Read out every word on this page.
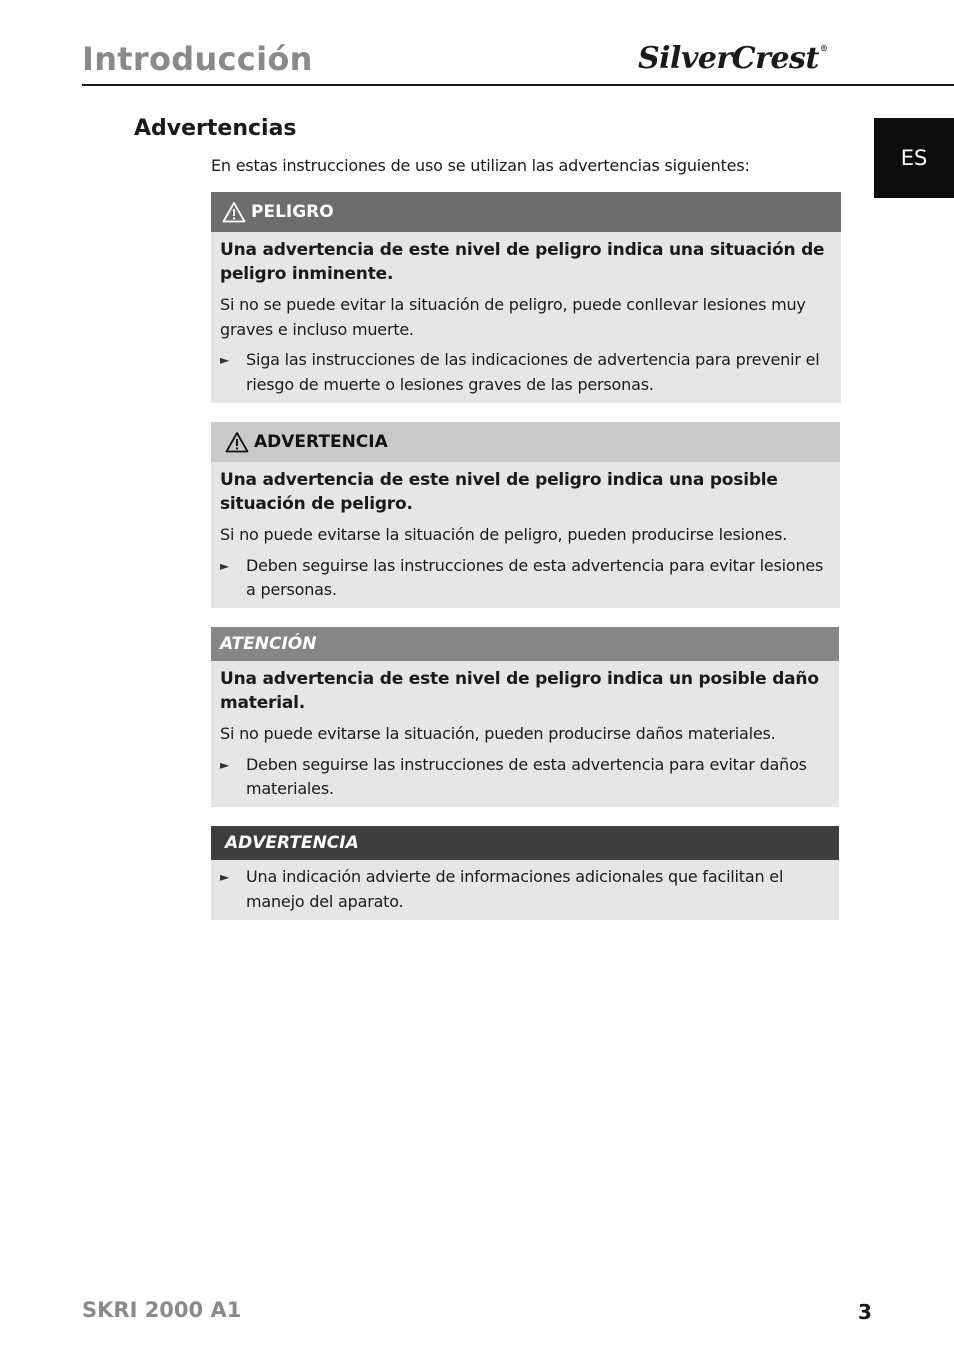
Introducción	SilverCrest®
ES
Advertencias
En estas instrucciones de uso se utilizan las advertencias siguientes:
PELIGRO

Una advertencia de este nivel de peligro indica una situación de peligro inminente.

Si no se puede evitar la situación de peligro, puede conllevar lesiones muy graves e incluso muerte.

►	Siga las instrucciones de las indicaciones de advertencia para prevenir el riesgo de muerte o lesiones graves de las personas.
ADVERTENCIA

Una advertencia de este nivel de peligro indica una posible situación de peligro.

Si no puede evitarse la situación de peligro, pueden producirse lesiones.

►	Deben seguirse las instrucciones de esta advertencia para evitar lesiones a personas.
ATENCIÓN

Una advertencia de este nivel de peligro indica un posible daño material.

Si no puede evitarse la situación, pueden producirse daños materiales.

►	Deben seguirse las instrucciones de esta advertencia para evitar daños materiales.
ADVERTENCIA
►	Una indicación advierte de informaciones adicionales que facilitan el manejo del aparato.
SKRI 2000 A1	3
